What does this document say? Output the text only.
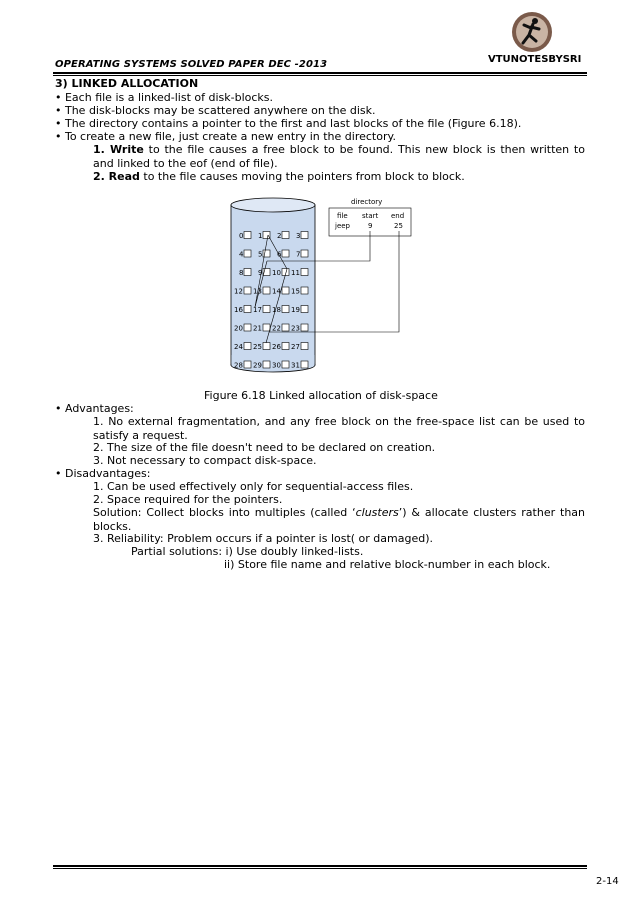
VTUNOTESBYSRI
OPERATING SYSTEMS SOLVED PAPER DEC -2013
3) LINKED ALLOCATION
• Each file is a linked-list of disk-blocks.
• The disk-blocks may be scattered anywhere on the disk.
• The directory contains a pointer to the first and last blocks of the file (Figure 6.18).
• To create a new file, just create a new entry in the directory.
1. Write to the file causes a free block to be found. This new block is then written to and linked to the eof (end of file).
2. Read to the file causes moving the pointers from block to block.
0 1 2 3
4 5 6 7
8 9 10 11
12 13 14 15
16 17 18 19
20 21 22 23
24 25 26 27
28 29 30 31
directory
file start end
jeep	9	25
Figure 6.18 Linked allocation of disk-space
• Advantages:
1. No external fragmentation, and any free block on the free-space list can be used to satisfy a request.
2. The size of the file doesn't need to be declared on creation.
3. Not necessary to compact disk-space.
• Disadvantages:
1. Can be used effectively only for sequential-access files.
2. Space required for the pointers.
Solution: Collect blocks into multiples (called ‘clusters’) & allocate clusters rather than blocks.
3. Reliability: Problem occurs if a pointer is lost( or damaged).
Partial solutions: i) Use doubly linked-lists.
ii) Store file name and relative block-number in each block.
2-14
